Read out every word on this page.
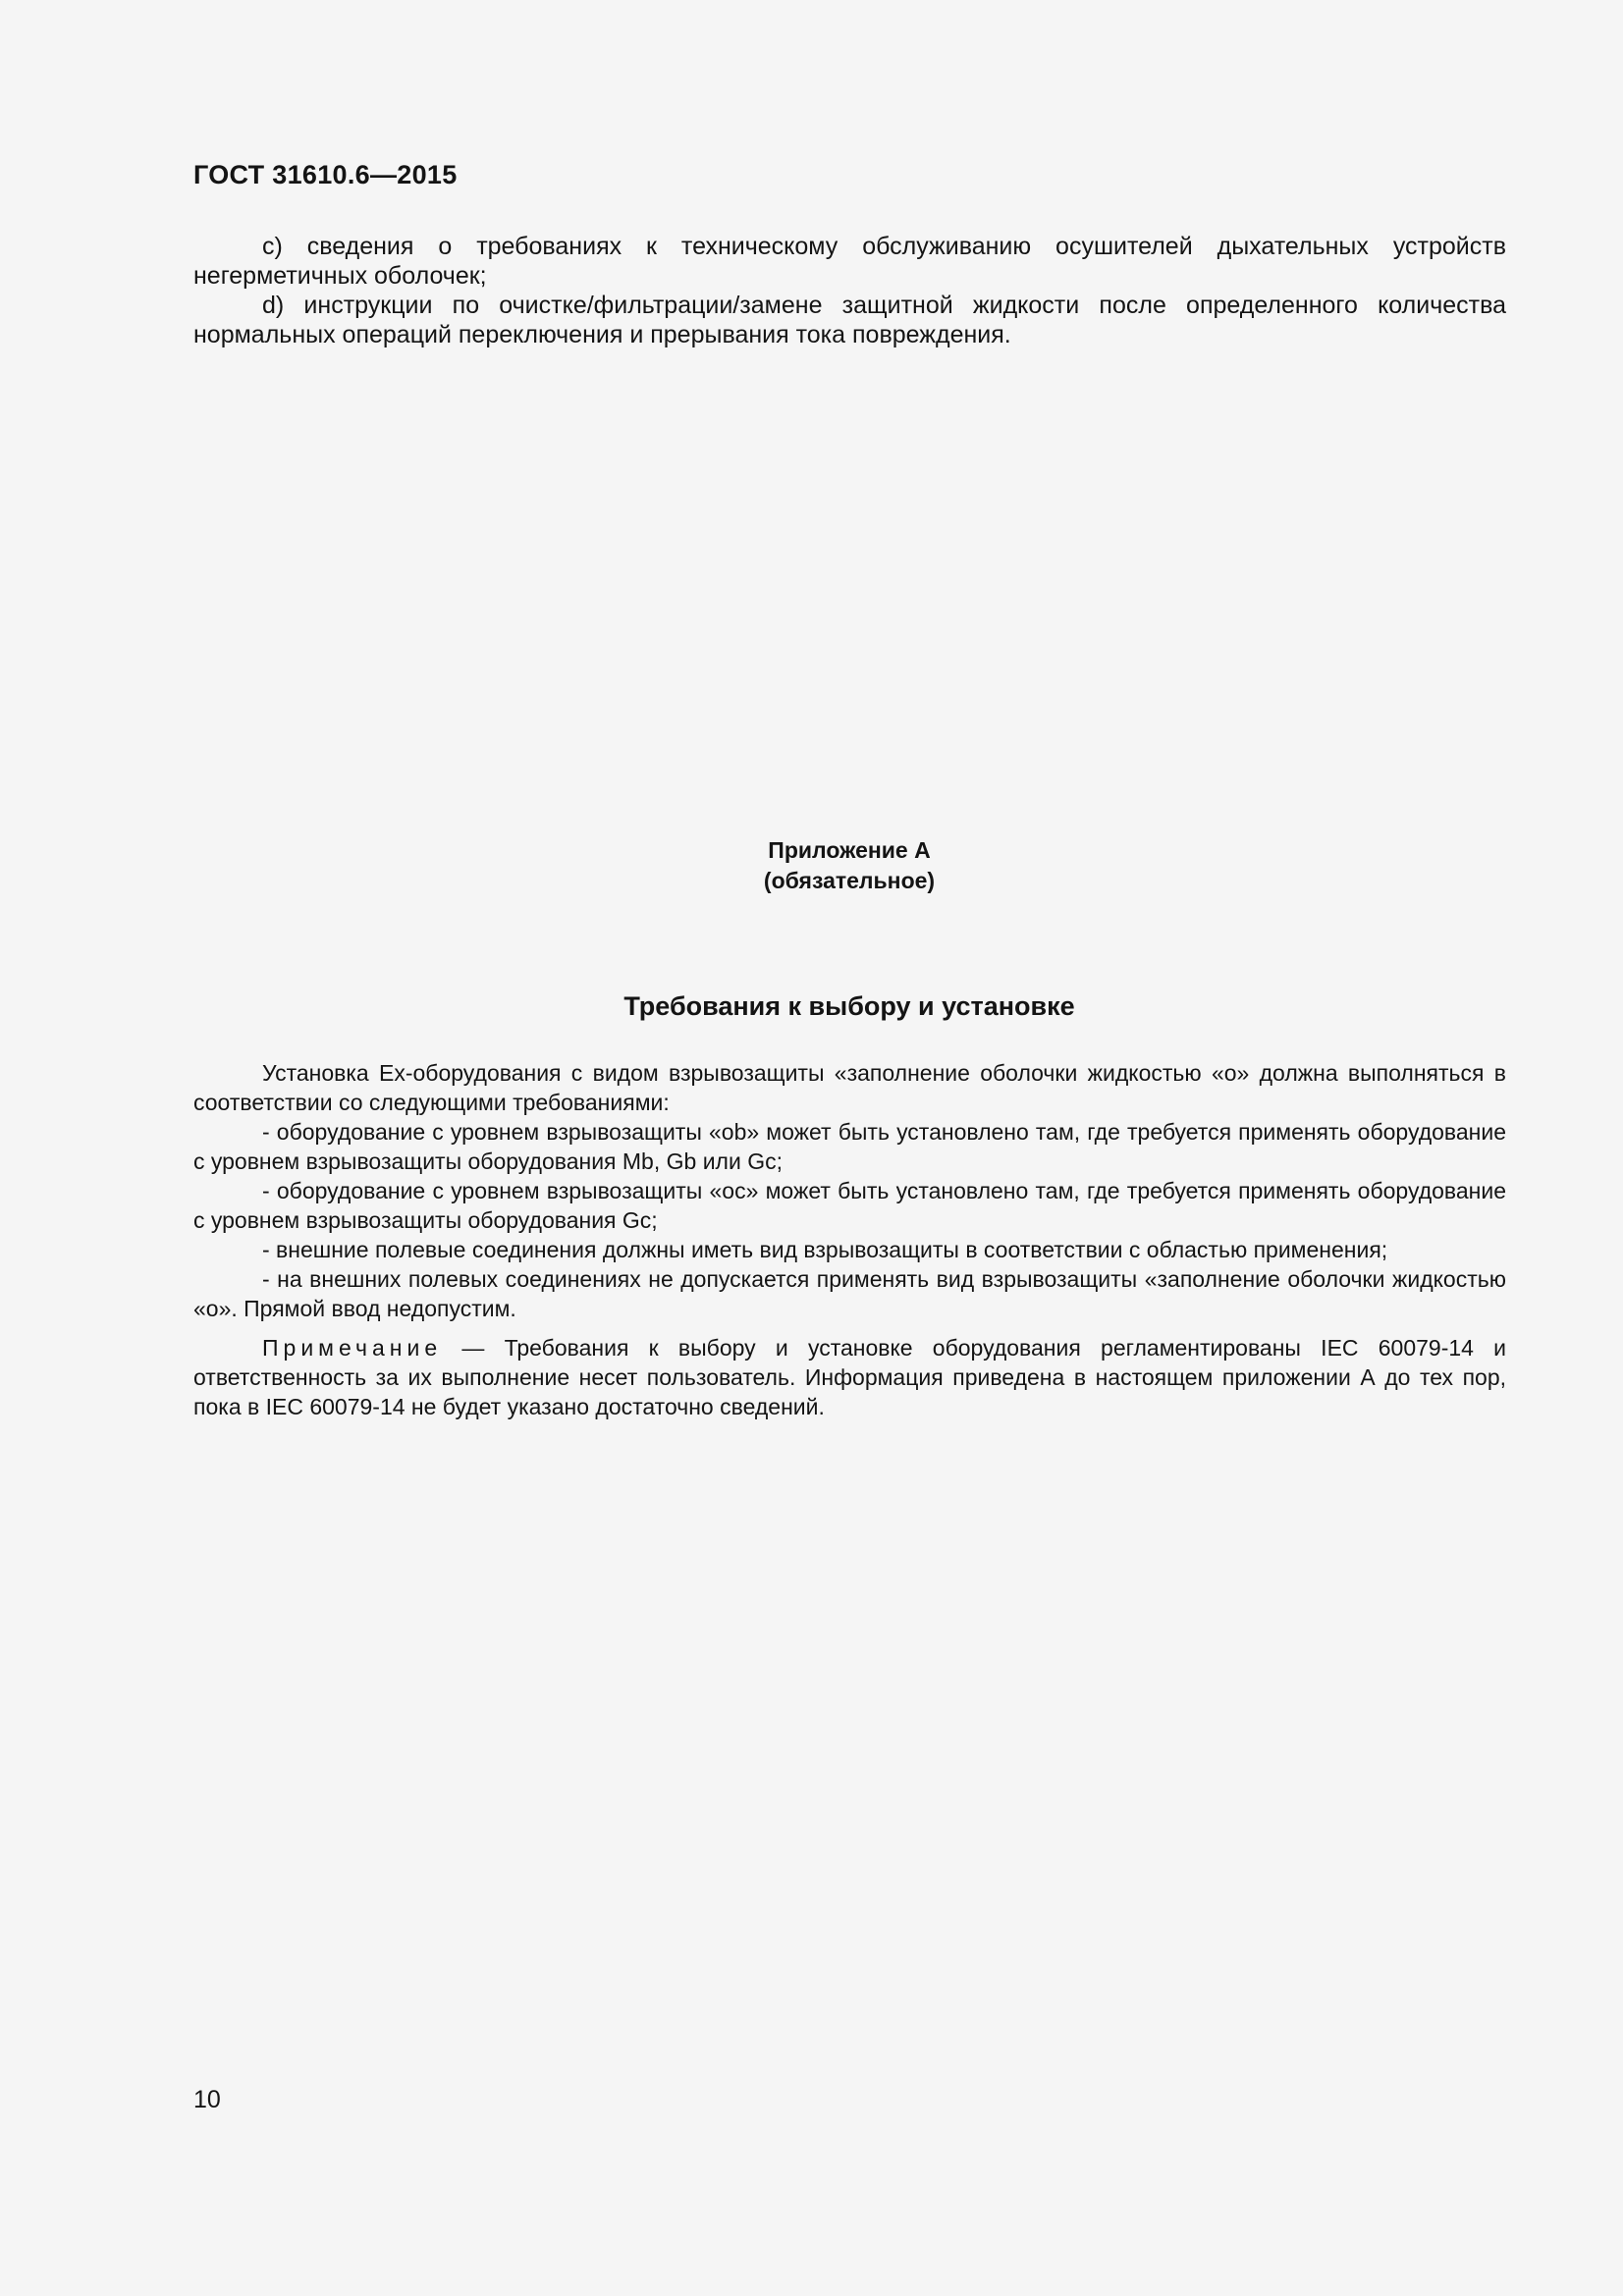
ГОСТ 31610.6—2015

c) сведения о требованиях к техническому обслуживанию осушителей дыхательных устройств негерметичных оболочек;

d) инструкции по очистке/фильтрации/замене защитной жидкости после определенного количества нормальных операций переключения и прерывания тока повреждения.

Приложение А
(обязательное)
Требования к выбору и установке

Установка Ex-оборудования с видом взрывозащиты «заполнение оболочки жидкостью «о» должна выполняться в соответствии со следующими требованиями:

- оборудование с уровнем взрывозащиты «ob» может быть установлено там, где требуется применять оборудование с уровнем взрывозащиты оборудования Mb, Gb или Gc;

- оборудование с уровнем взрывозащиты «oc» может быть установлено там, где требуется применять оборудование с уровнем взрывозащиты оборудования Gc;

- внешние полевые соединения должны иметь вид взрывозащиты в соответствии с областью применения;

- на внешних полевых соединениях не допускается применять вид взрывозащиты «заполнение оболочки жидкостью «о». Прямой ввод недопустим.

Примечание — Требования к выбору и установке оборудования регламентированы IEC 60079-14 и ответственность за их выполнение несет пользователь. Информация приведена в настоящем приложении А до тех пор, пока в IEC 60079-14 не будет указано достаточно сведений.

10
